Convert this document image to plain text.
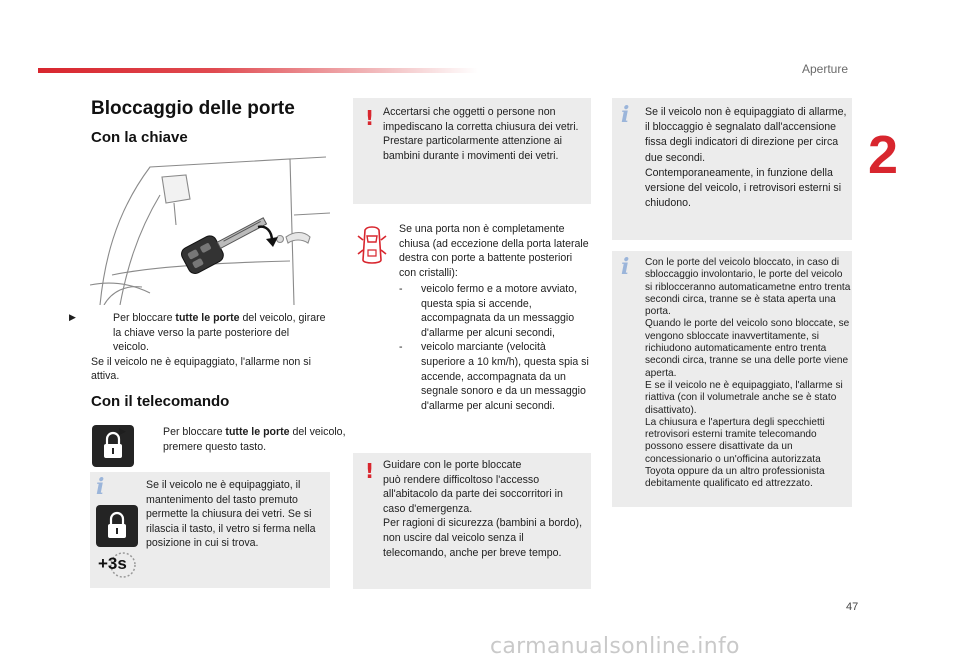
Aperture
2
47
Bloccaggio delle porte
Con la chiave
▶	Per bloccare tutte le porte del veicolo, girare la chiave verso la parte posteriore del veicolo.
Se il veicolo ne è equipaggiato, l'allarme non si attiva.
Con il telecomando
▶	Per bloccare tutte le porte del veicolo, premere questo tasto.
i
+3s
Se il veicolo ne è equipaggiato, il mantenimento del tasto premuto permette la chiusura dei vetri. Se si rilascia il tasto, il vetro si ferma nella posizione in cui si trova.
! Accertarsi che oggetti o persone non impediscano la corretta chiusura dei vetri.
Prestare particolarmente attenzione ai bambini durante i movimenti dei vetri.
Se una porta non è completamente chiusa (ad eccezione della porta laterale destra con porte a battente posteriori con cristalli):
-	veicolo fermo e a motore avviato, questa spia si accende, accompagnata da un messaggio d'allarme per alcuni secondi,
-	veicolo marciante (velocità superiore a 10 km/h), questa spia si accende, accompagnata da un segnale sonoro e da un messaggio d'allarme per alcuni secondi.
! Guidare con le porte bloccate
può rendere difficoltoso l'accesso all'abitacolo da parte dei soccorritori in caso d'emergenza.
Per ragioni di sicurezza (bambini a bordo), non uscire dal veicolo senza il telecomando, anche per breve tempo.
i Se il veicolo non è equipaggiato di allarme, il bloccaggio è segnalato dall'accensione fissa degli indicatori di direzione per circa due secondi.
Contemporaneamente, in funzione della versione del veicolo, i retrovisori esterni si chiudono.
i Con le porte del veicolo bloccato, in caso di sbloccaggio involontario, le porte del veicolo si riblocceranno automaticametne entro trenta secondi circa, tranne se è stata aperta una porta.
Quando le porte del veicolo sono bloccate, se vengono sbloccate inavvertitamente, si richiudono automaticamente entro trenta secondi circa, tranne se una delle porte viene aperta.
E se il veicolo ne è equipaggiato, l'allarme si riattiva (con il volumetrale anche se è stato disattivato).
La chiusura e l'apertura degli specchietti retrovisori esterni tramite telecomando possono essere disattivate da un concessionario o un'officina autorizzata Toyota oppure da un altro professionista debitamente qualificato ed attrezzato.
carmanualsonline.info
